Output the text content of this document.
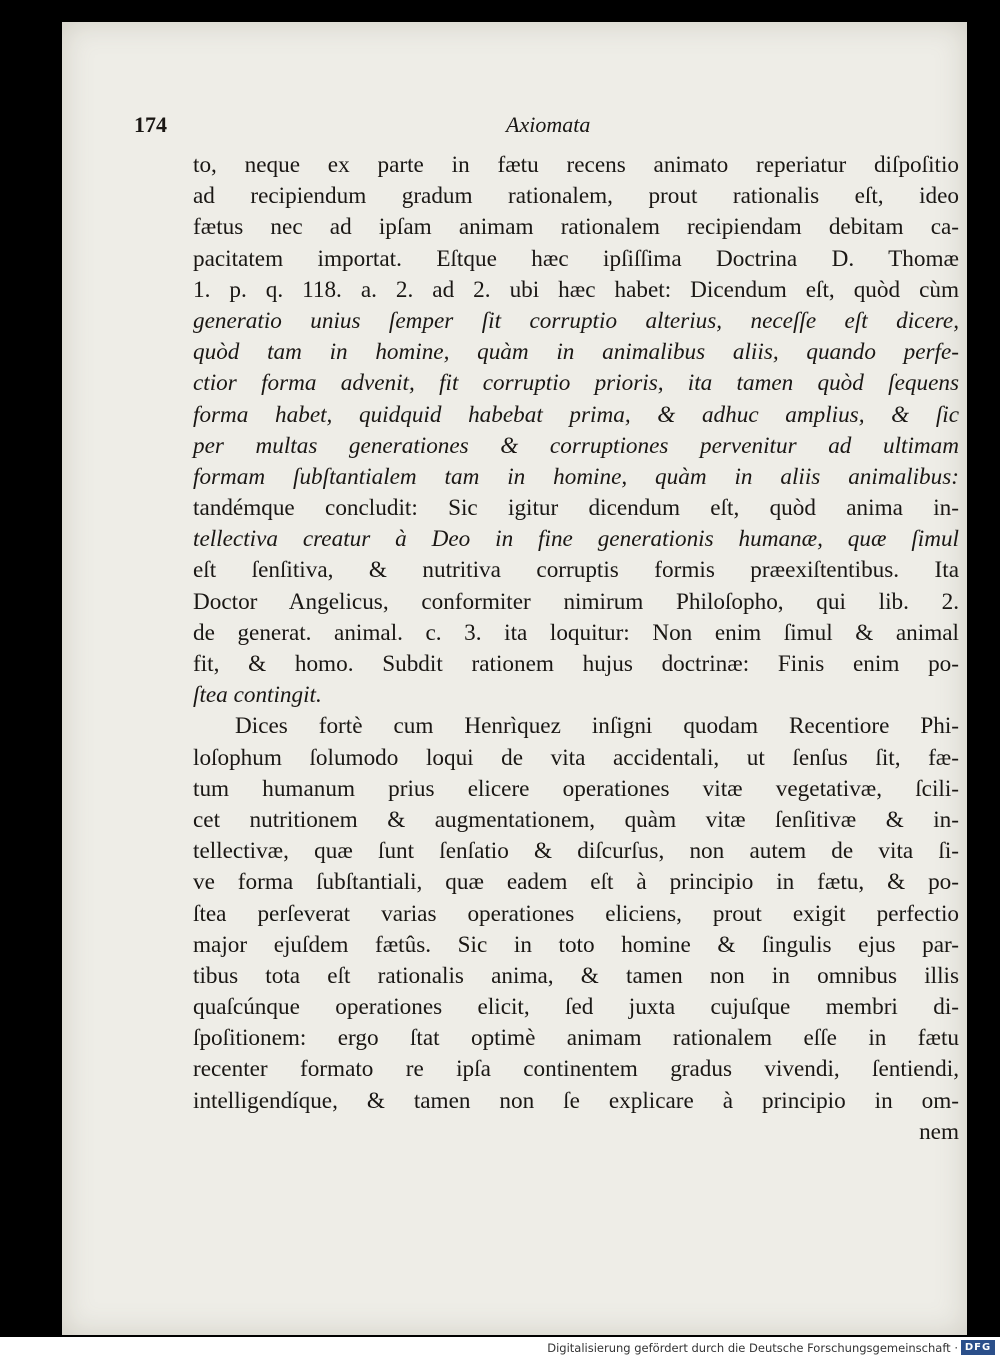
174	Axiomata
to, neque ex parte in fætu recens animato reperiatur diſpoſitio
ad recipiendum gradum rationalem, prout rationalis eſt, ideo
fætus nec ad ipſam animam rationalem recipiendam debitam ca-
pacitatem importat. Eſtque hæc ipſiſſima Doctrina D. Thomæ
1. p. q. 118. a. 2. ad 2. ubi hæc habet: Dicendum eſt, quòd cùm
generatio unius ſemper ſit corruptio alterius, neceſſe eſt dicere,
quòd tam in homine, quàm in animalibus aliis, quando perfe-
ctior forma advenit, fit corruptio prioris, ita tamen quòd ſequens
forma habet, quidquid habebat prima, & adhuc amplius, & ſic
per multas generationes & corruptiones pervenitur ad ultimam
formam ſubſtantialem tam in homine, quàm in aliis animalibus:
tandémque concludit: Sic igitur dicendum eſt, quòd anima in-
tellectiva creatur à Deo in fine generationis humanæ, quæ ſimul
eſt ſenſitiva, & nutritiva corruptis formis præexiſtentibus. Ita
Doctor Angelicus, conformiter nimirum Philoſopho, qui lib. 2.
de generat. animal. c. 3. ita loquitur: Non enim ſimul & animal
fit, & homo. Subdit rationem hujus doctrinæ: Finis enim po-
ſtea contingit.
Dices fortè cum Henrìquez inſigni quodam Recentiore Phi-
loſophum ſolumodo loqui de vita accidentali, ut ſenſus ſit, fæ-
tum humanum prius elicere operationes vitæ vegetativæ, ſcili-
cet nutritionem & augmentationem, quàm vitæ ſenſitivæ & in-
tellectivæ, quæ ſunt ſenſatio & diſcurſus, non autem de vita ſi-
ve forma ſubſtantiali, quæ eadem eſt à principio in fætu, & po-
ſtea perſeverat varias operationes eliciens, prout exigit perfectio
major ejuſdem fætûs. Sic in toto homine & ſingulis ejus par-
tibus tota eſt rationalis anima, & tamen non in omnibus illis
quaſcúnque operationes elicit, ſed juxta cujuſque membri di-
ſpoſitionem: ergo ſtat optimè animam rationalem eſſe in fætu
recenter formato re ipſa continentem gradus vivendi, ſentiendi,
intelligendíque, & tamen non ſe explicare à principio in om-
nem
Digitalisierung gefördert durch die Deutsche Forschungsgemeinschaft · DFG
